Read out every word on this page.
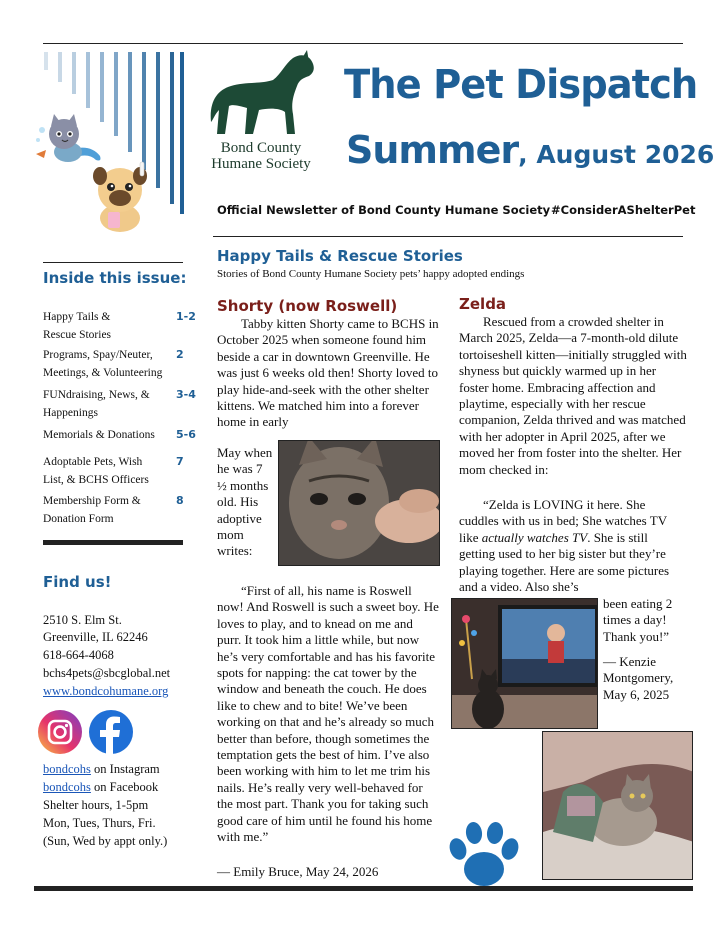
Bond County Humane Society
The Pet Dispatch
Summer, August 2026
Official Newsletter of Bond County Humane Society #ConsiderAShelterPet
Inside this issue:
Happy Tails & Rescue Stories
1-2
Programs, Spay/Neuter, Meetings, & Volunteering
2
FUNdraising, News, & Happenings
3-4
Memorials & Donations	5-6
Adoptable Pets, Wish List, & BCHS Officers
7
Membership Form & Donation Form
8
Find us!
2510 S. Elm St.
Greenville, IL 62246
618-664-4068
bchs4pets@sbcglobal.net
www.bondcohumane.org
bondcohs on Instagram
bondcohs on Facebook
Shelter hours, 1-5pm
Mon, Tues, Thurs, Fri.
(Sun, Wed by appt only.)
Happy Tails & Rescue Stories
Stories of Bond County Humane Society pets’ happy adopted endings
Shorty (now Roswell)
Tabby kitten Shorty came to BCHS in October 2025 when someone found him beside a car in downtown Greenville. He was just 6 weeks old then! Shorty loved to play hide-and-seek with the other shelter kittens. We matched him into a forever home in early
May when he was 7 ½ months old. His adoptive mom writes:
“First of all, his name is Roswell now! And Roswell is such a sweet boy. He loves to play, and to knead on me and purr. It took him a little while, but now he’s very comfortable and has his favorite spots for napping: the cat tower by the window and beneath the couch. He does like to chew and to bite! We’ve been working on that and he’s already so much better than before, though sometimes the temptation gets the best of him. I’ve also been working with him to let me trim his nails. He’s really very well-behaved for the most part. Thank you for taking such good care of him until he found his home with me.”
— Emily Bruce, May 24, 2026
Zelda
Rescued from a crowded shelter in March 2025, Zelda—a 7-month-old dilute tortoiseshell kitten—initially struggled with shyness but quickly warmed up in her foster home. Embracing affection and playtime, especially with her rescue companion, Zelda thrived and was matched with her adopter in April 2025, after we moved her from foster into the shelter. Her mom checked in:
“Zelda is LOVING it here. She cuddles with us in bed; She watches TV like actually watches TV. She is still getting used to her big sister but they’re playing together. Here are some pictures and a video. Also she’s
been eating 2 times a day! Thank you!”
— Kenzie Montgomery, May 6, 2025
